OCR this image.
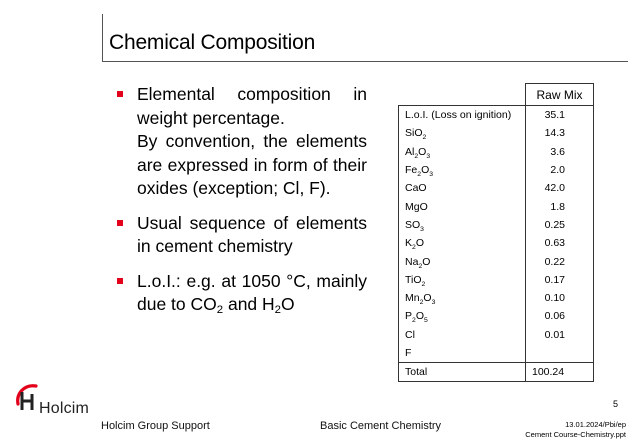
Chemical Composition
Elemental composition in weight percentage.
By convention, the elements are expressed in form of their oxides (exception; Cl, F).
Usual sequence of elements in cement chemistry
L.o.I.: e.g. at 1050 °C, mainly due to $CO_2$ and $H_2O$
	Raw Mix
L.o.I. (Loss on ignition)	35.1
SiO$_2$	14.3
$Al_2O_3$	3.6
$Fe_2O_3$	2.0
CaO	42.0
MgO	1.8
$SO_3$	0.25
$K_2O$	0.63
$Na_2O$	0.22
TiO$_2$	0.17
$Mn_2O_3$	0.10
$P_2O_5$	0.06
Cl	0.01
F	
Total	100.24
Holcim
Holcim Group Support	Basic Cement Chemistry
5
13.01.2024/Pbi/ep
Cement Course-Chemistry.ppt
